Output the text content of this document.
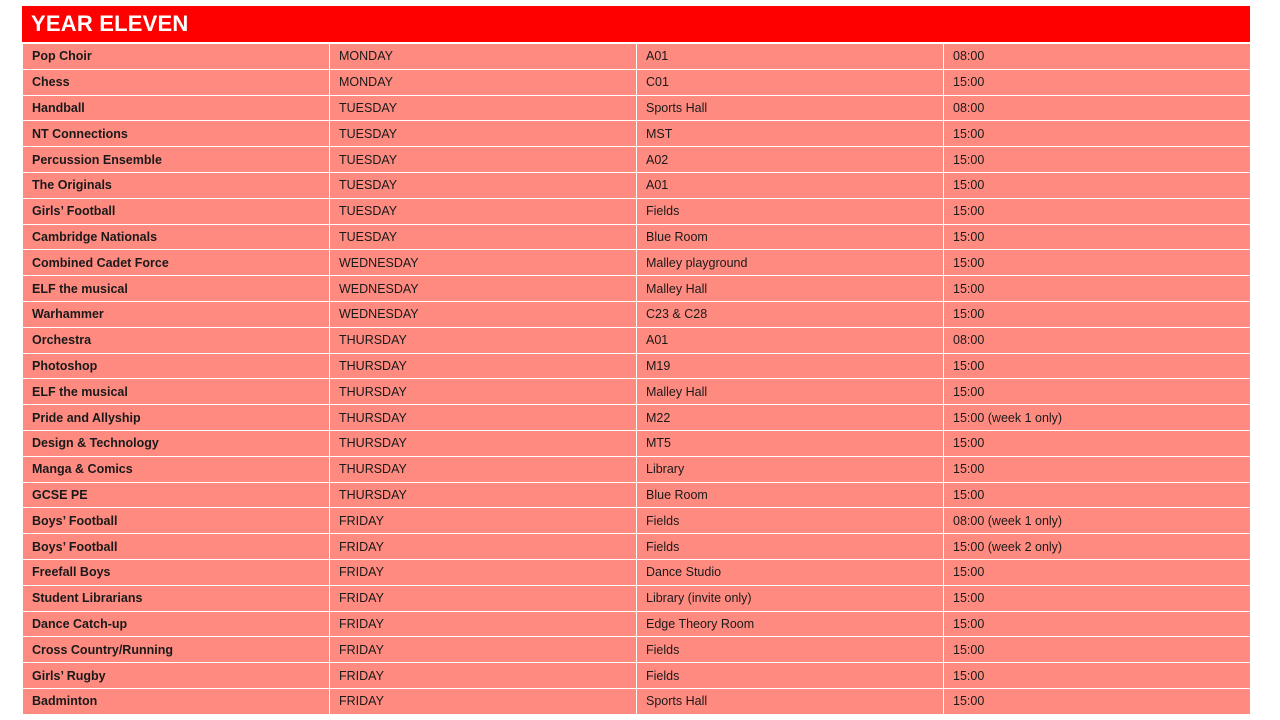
YEAR ELEVEN
Pop Choir	MONDAY	A01	08:00
Chess	MONDAY	C01	15:00
Handball	TUESDAY	Sports Hall	08:00
NT Connections	TUESDAY	MST	15:00
Percussion Ensemble	TUESDAY	A02	15:00
The Originals	TUESDAY	A01	15:00
Girls’ Football	TUESDAY	Fields	15:00
Cambridge Nationals	TUESDAY	Blue Room	15:00
Combined Cadet Force	WEDNESDAY	Malley playground	15:00
ELF the musical	WEDNESDAY	Malley Hall	15:00
Warhammer	WEDNESDAY	C23 & C28	15:00
Orchestra	THURSDAY	A01	08:00
Photoshop	THURSDAY	M19	15:00
ELF the musical	THURSDAY	Malley Hall	15:00
Pride and Allyship	THURSDAY	M22	15:00 (week 1 only)
Design & Technology	THURSDAY	MT5	15:00
Manga & Comics	THURSDAY	Library	15:00
GCSE PE	THURSDAY	Blue Room	15:00
Boys’ Football	FRIDAY	Fields	08:00 (week 1 only)
Boys’ Football	FRIDAY	Fields	15:00 (week 2 only)
Freefall Boys	FRIDAY	Dance Studio	15:00
Student Librarians	FRIDAY	Library (invite only)	15:00
Dance Catch-up	FRIDAY	Edge Theory Room	15:00
Cross Country/Running	FRIDAY	Fields	15:00
Girls’ Rugby	FRIDAY	Fields	15:00
Badminton	FRIDAY	Sports Hall	15:00
